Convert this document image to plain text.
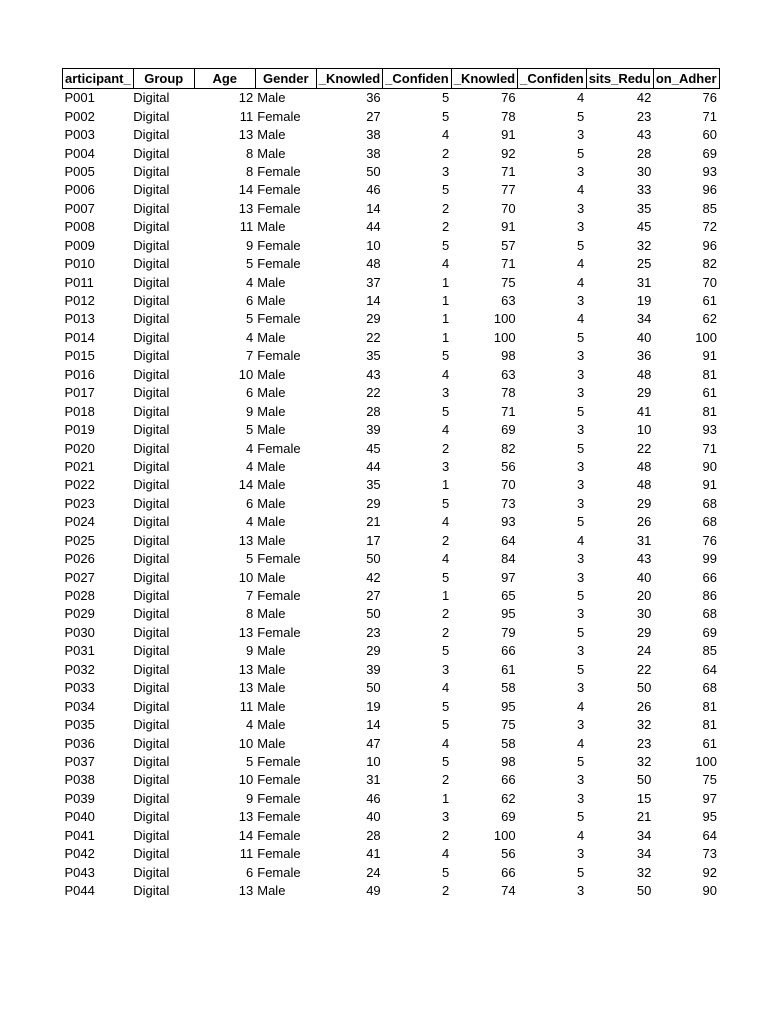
articipant_	Group	Age	Gender	_Knowled	_Confiden	_Knowled	_Confiden	sits_Redu	on_Adher
P001	Digital	12	Male	36	5	76	4	42	76
P002	Digital	11	Female	27	5	78	5	23	71
P003	Digital	13	Male	38	4	91	3	43	60
P004	Digital	8	Male	38	2	92	5	28	69
P005	Digital	8	Female	50	3	71	3	30	93
P006	Digital	14	Female	46	5	77	4	33	96
P007	Digital	13	Female	14	2	70	3	35	85
P008	Digital	11	Male	44	2	91	3	45	72
P009	Digital	9	Female	10	5	57	5	32	96
P010	Digital	5	Female	48	4	71	4	25	82
P011	Digital	4	Male	37	1	75	4	31	70
P012	Digital	6	Male	14	1	63	3	19	61
P013	Digital	5	Female	29	1	100	4	34	62
P014	Digital	4	Male	22	1	100	5	40	100
P015	Digital	7	Female	35	5	98	3	36	91
P016	Digital	10	Male	43	4	63	3	48	81
P017	Digital	6	Male	22	3	78	3	29	61
P018	Digital	9	Male	28	5	71	5	41	81
P019	Digital	5	Male	39	4	69	3	10	93
P020	Digital	4	Female	45	2	82	5	22	71
P021	Digital	4	Male	44	3	56	3	48	90
P022	Digital	14	Male	35	1	70	3	48	91
P023	Digital	6	Male	29	5	73	3	29	68
P024	Digital	4	Male	21	4	93	5	26	68
P025	Digital	13	Male	17	2	64	4	31	76
P026	Digital	5	Female	50	4	84	3	43	99
P027	Digital	10	Male	42	5	97	3	40	66
P028	Digital	7	Female	27	1	65	5	20	86
P029	Digital	8	Male	50	2	95	3	30	68
P030	Digital	13	Female	23	2	79	5	29	69
P031	Digital	9	Male	29	5	66	3	24	85
P032	Digital	13	Male	39	3	61	5	22	64
P033	Digital	13	Male	50	4	58	3	50	68
P034	Digital	11	Male	19	5	95	4	26	81
P035	Digital	4	Male	14	5	75	3	32	81
P036	Digital	10	Male	47	4	58	4	23	61
P037	Digital	5	Female	10	5	98	5	32	100
P038	Digital	10	Female	31	2	66	3	50	75
P039	Digital	9	Female	46	1	62	3	15	97
P040	Digital	13	Female	40	3	69	5	21	95
P041	Digital	14	Female	28	2	100	4	34	64
P042	Digital	11	Female	41	4	56	3	34	73
P043	Digital	6	Female	24	5	66	5	32	92
P044	Digital	13	Male	49	2	74	3	50	90
